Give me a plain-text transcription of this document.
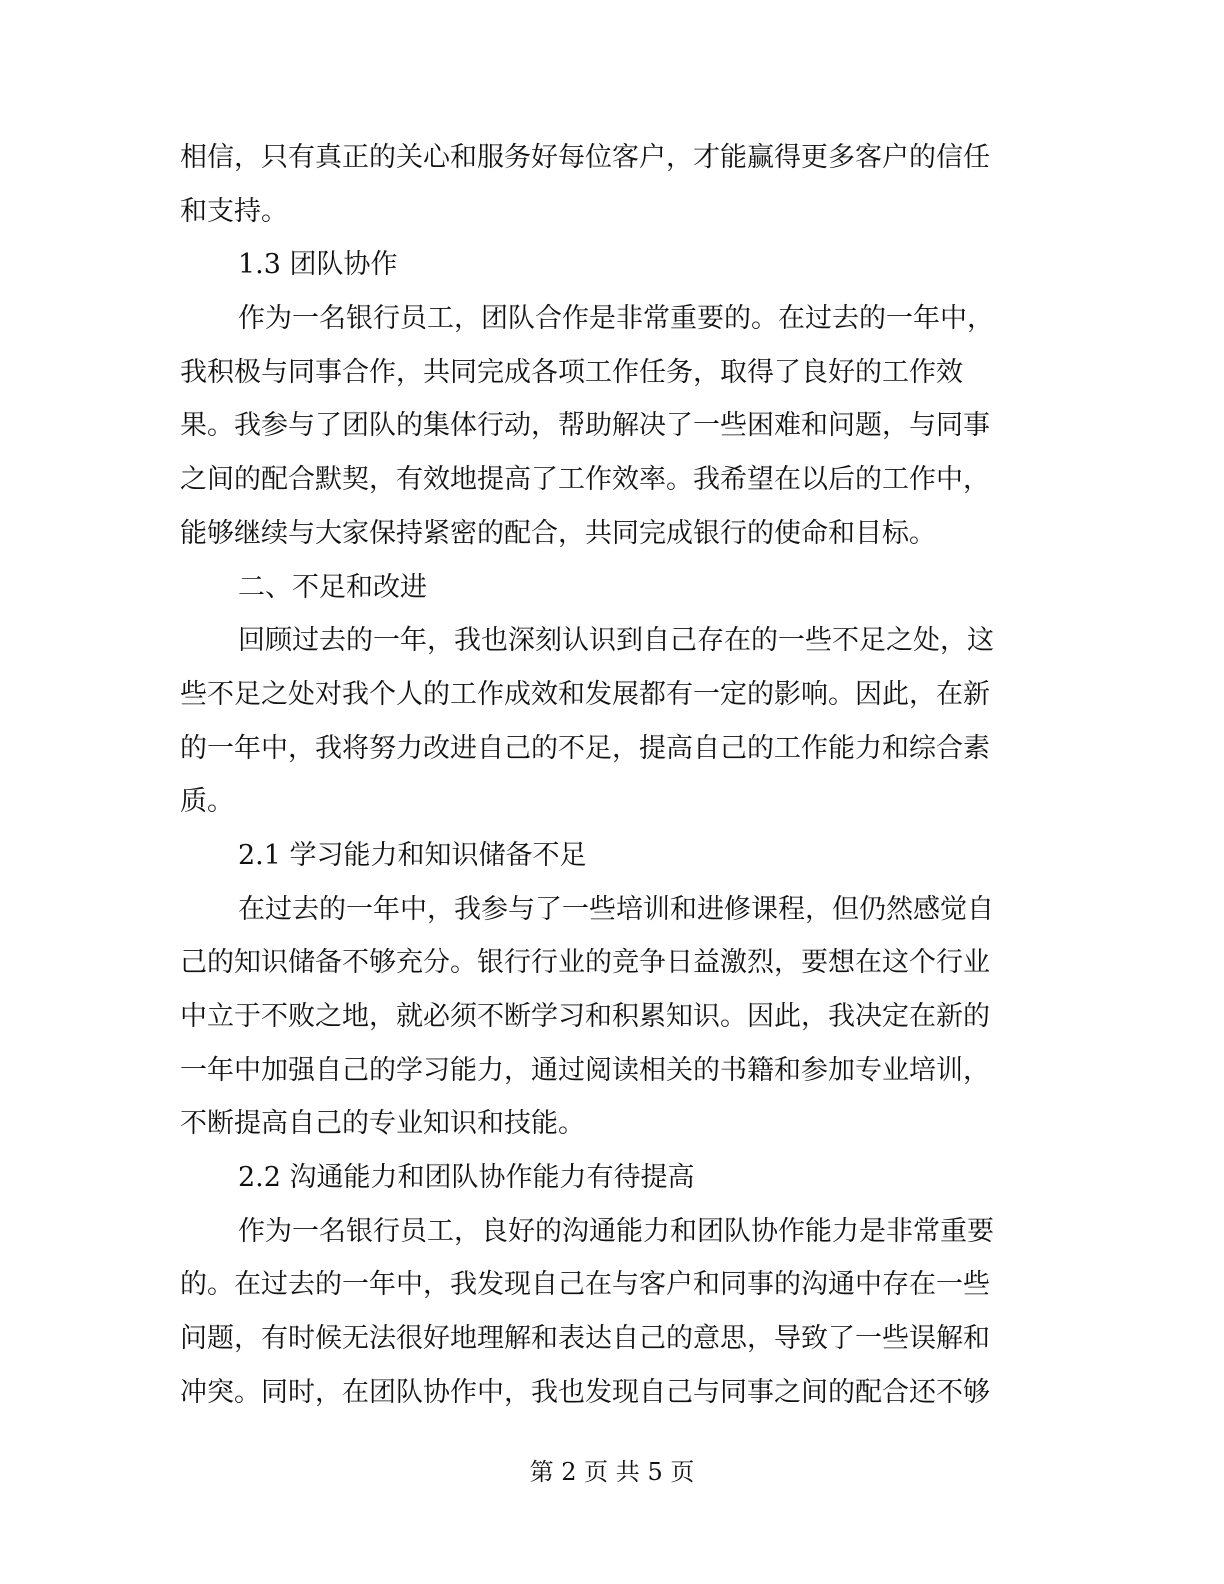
相信，只有真正的关心和服务好每位客户，才能赢得更多客户的信任
和支持。
1.3 团队协作
作为一名银行员工，团队合作是非常重要的。在过去的一年中，
我积极与同事合作，共同完成各项工作任务，取得了良好的工作效
果。我参与了团队的集体行动，帮助解决了一些困难和问题，与同事
之间的配合默契，有效地提高了工作效率。我希望在以后的工作中，
能够继续与大家保持紧密的配合，共同完成银行的使命和目标。
二、不足和改进
回顾过去的一年，我也深刻认识到自己存在的一些不足之处，这
些不足之处对我个人的工作成效和发展都有一定的影响。因此，在新
的一年中，我将努力改进自己的不足，提高自己的工作能力和综合素
质。
2.1 学习能力和知识储备不足
在过去的一年中，我参与了一些培训和进修课程，但仍然感觉自
己的知识储备不够充分。银行行业的竞争日益激烈，要想在这个行业
中立于不败之地，就必须不断学习和积累知识。因此，我决定在新的
一年中加强自己的学习能力，通过阅读相关的书籍和参加专业培训，
不断提高自己的专业知识和技能。
2.2 沟通能力和团队协作能力有待提高
作为一名银行员工，良好的沟通能力和团队协作能力是非常重要
的。在过去的一年中，我发现自己在与客户和同事的沟通中存在一些
问题，有时候无法很好地理解和表达自己的意思，导致了一些误解和
冲突。同时，在团队协作中，我也发现自己与同事之间的配合还不够
第 2 页 共 5 页
